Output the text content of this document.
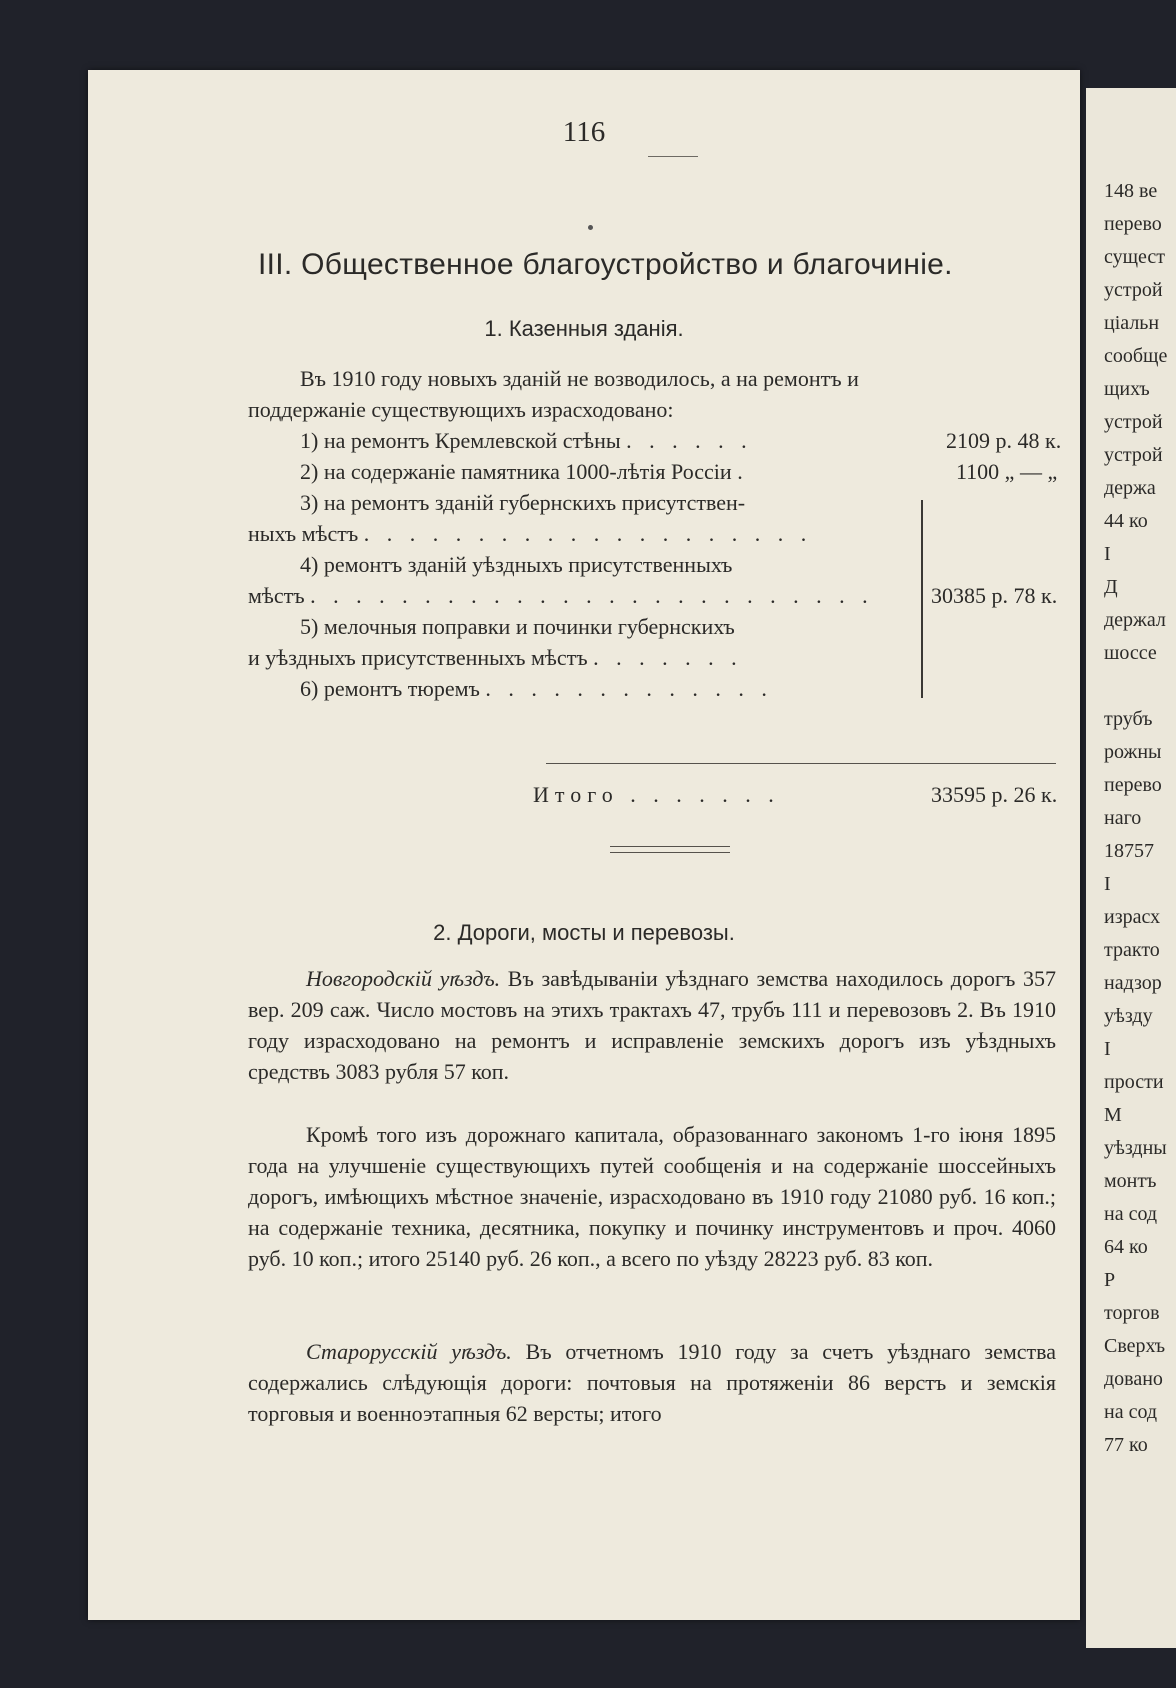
116
III. Общественное благоустройство и благочиніе.
1. Казенныя зданія.
Въ 1910 году новыхъ зданій не возводилось, а на ремонтъ и
поддержаніе существующихъ израсходовано:
1) на ремонтъ Кремлевской стѣны . . . . . .	2109 р. 48 к.
2) на содержаніе памятника 1000-лѣтія Россіи .	1100 „ — „
3) на ремонтъ зданій губернскихъ присутствен-
ныхъ мѣстъ . . . . . . . . . . . . . . . . . . . .
4) ремонтъ зданій уѣздныхъ присутственныхъ
мѣстъ . . . . . . . . . . . . . . . . . . . . . . . . .	30385 р. 78 к.
5) мелочныя поправки и починки губернскихъ
и уѣздныхъ присутственныхъ мѣстъ . . . . . . .
6) ремонтъ тюремъ . . . . . . . . . . . . .
Итого . . . . . . .	33595 р. 26 к.
2. Дороги, мосты и перевозы.
Новгородскій уѣздъ. Въ завѣдываніи уѣзднаго земства находилось дорогъ 357 вер. 209 саж. Число мостовъ на этихъ трактахъ 47, трубъ 111 и перевозовъ 2. Въ 1910 году израсходовано на ремонтъ и исправленіе земскихъ дорогъ изъ уѣздныхъ средствъ 3083 рубля 57 коп.
Кромѣ того изъ дорожнаго капитала, образованнаго закономъ 1-го іюня 1895 года на улучшеніе существующихъ путей сообщенія и на содержаніе шоссейныхъ дорогъ, имѣющихъ мѣстное значеніе, израсходовано въ 1910 году 21080 руб. 16 коп.; на содержаніе техника, десятника, покупку и починку инструментовъ и проч. 4060 руб. 10 коп.; итого 25140 руб. 26 коп., а всего по уѣзду 28223 руб. 83 коп.
Старорусскій уѣздъ. Въ отчетномъ 1910 году за счетъ уѣзднаго земства содержались слѣдующія дороги: почтовыя на протяженіи 86 верстъ и земскія торговыя и военноэтапныя 62 версты; итого
148 ве
перево
сущест
устрой
ціальн
сообще
щихъ
устрой
устрой
держа
44 ко
І
Д
держал
шоссе
трубъ
рожны
перево
наго
18757
І
израсх
тракто
надзор
уѣзду
І
прости
М
уѣздны
монтъ
на сод
64 ко
Р
торгов
Сверхъ
довано
на сод
77 ко
